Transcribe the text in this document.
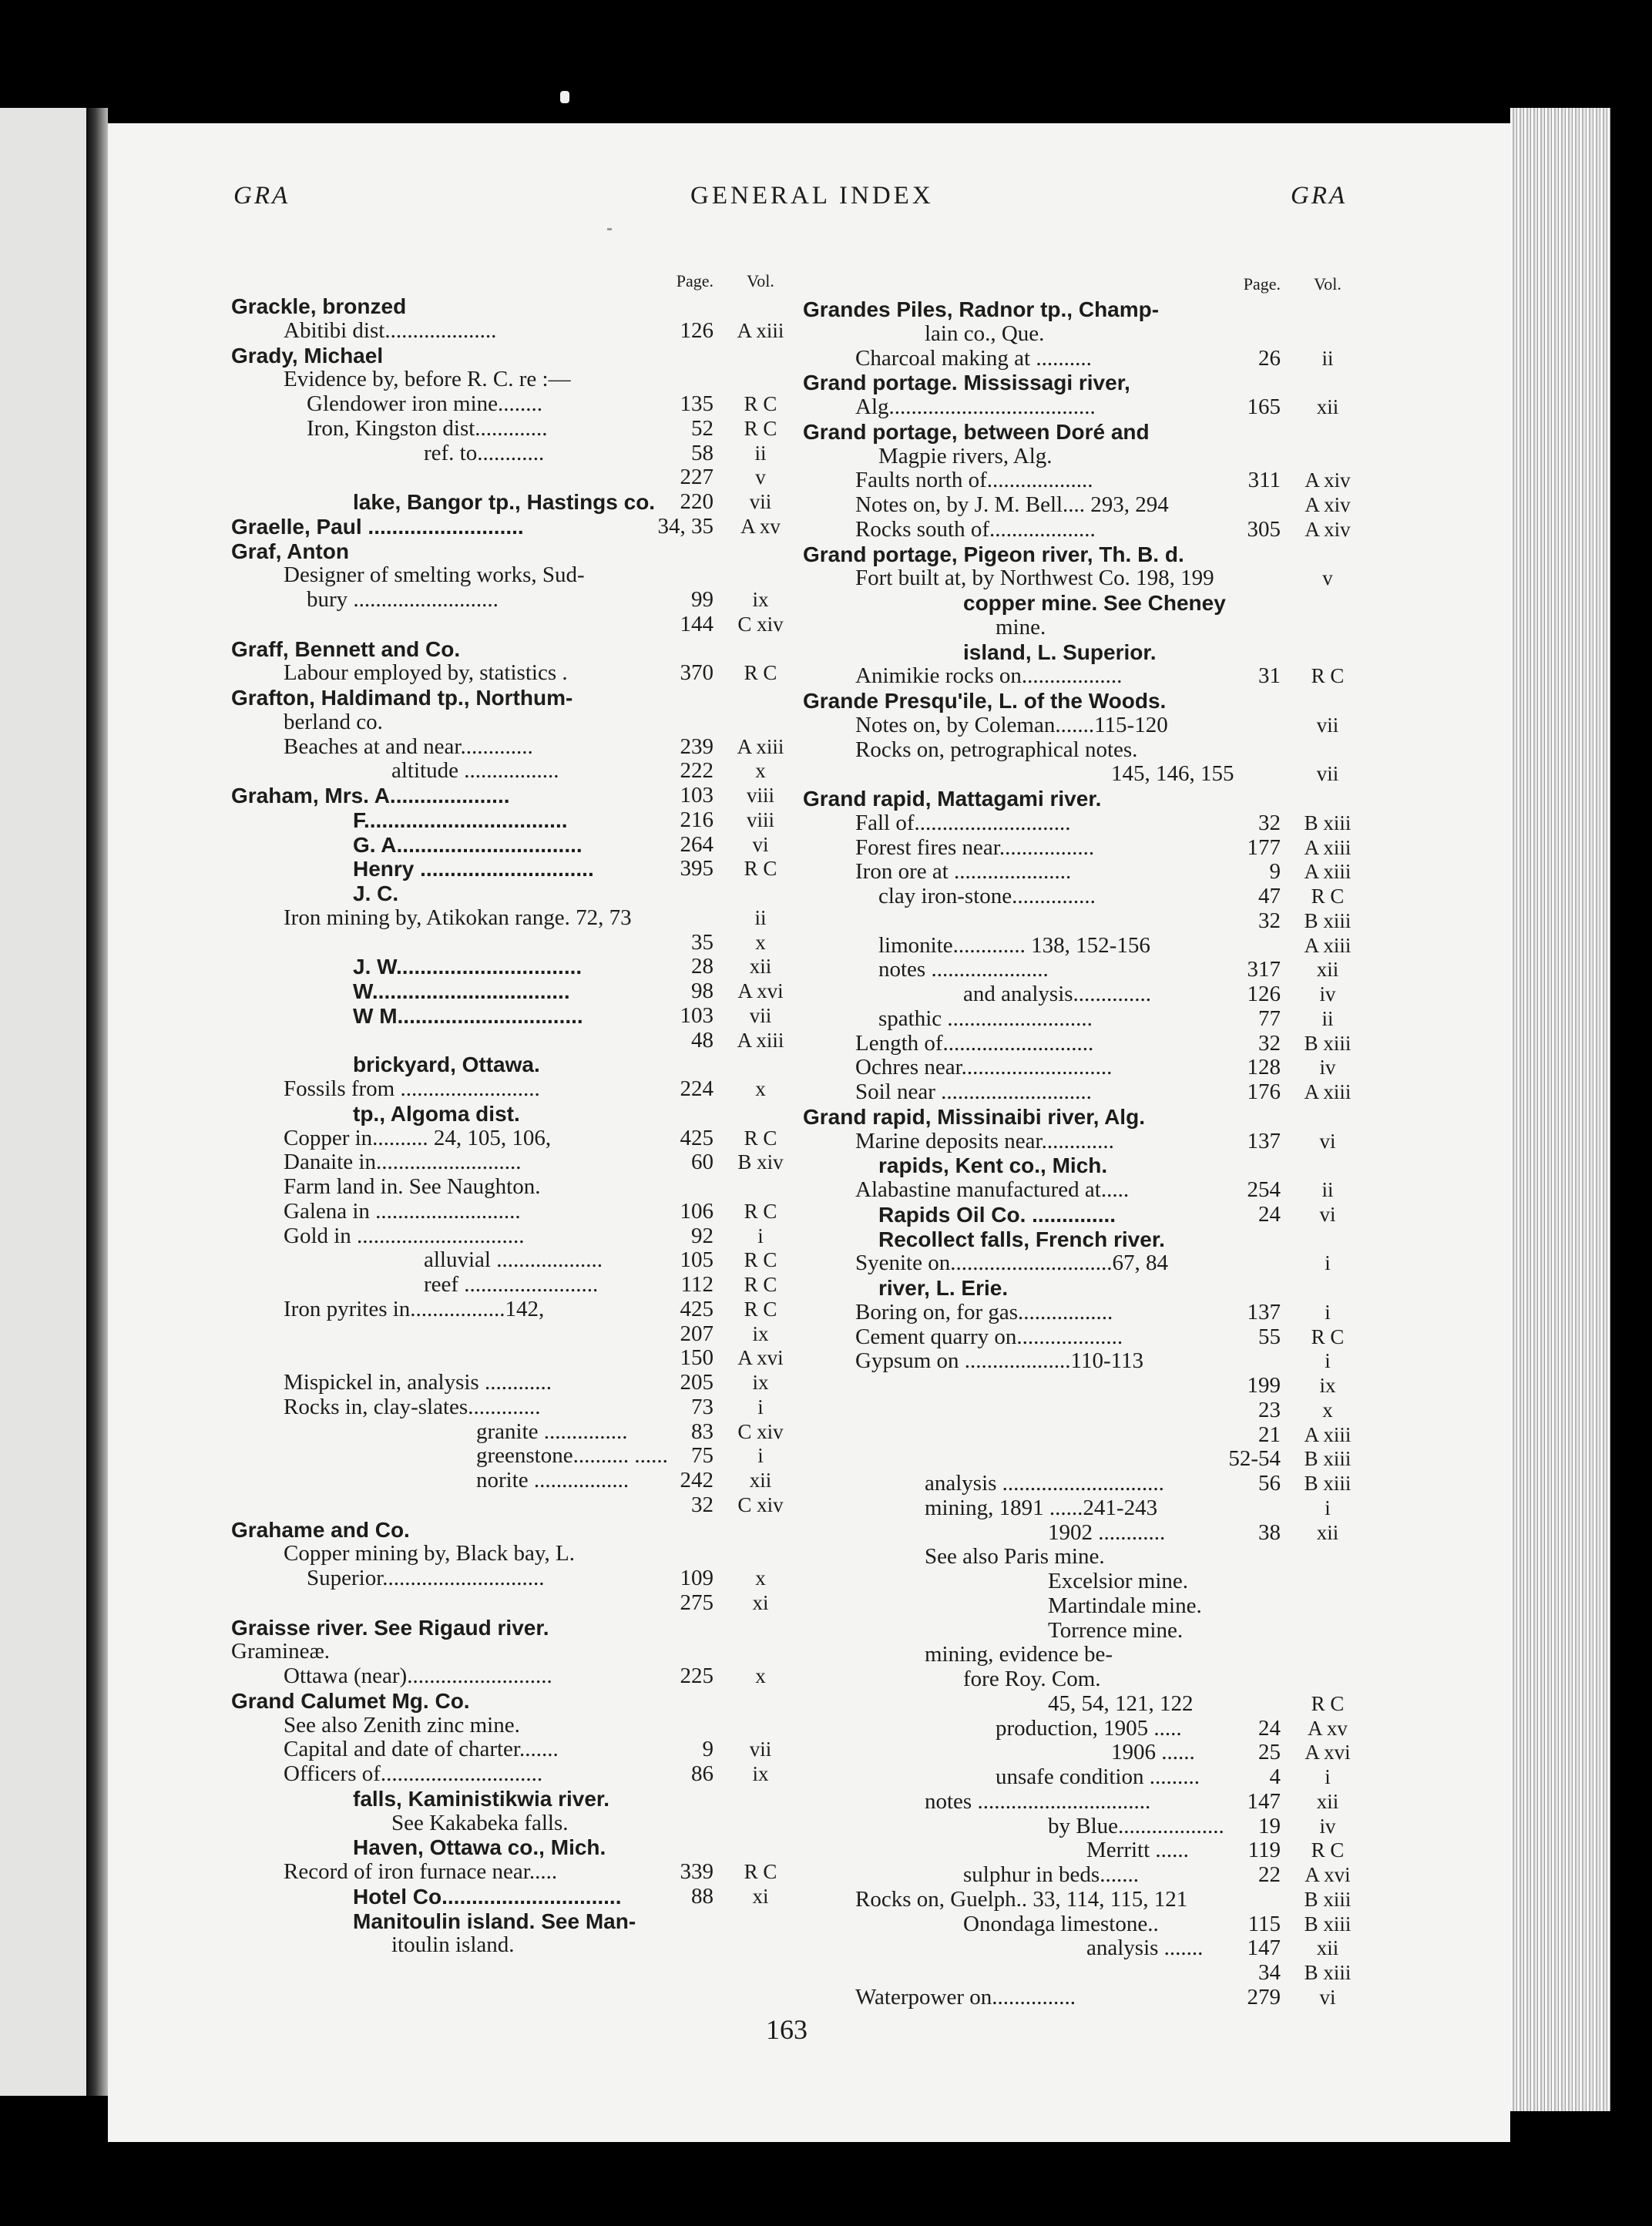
GRA	GENERAL INDEX	GRA
Page.	Vol.
Grackle, bronzed
Abitibi dist....................	126 A xiii
Grady, Michael
Evidence by, before R. C. re :—
Glendower iron mine........	135	R C
Iron, Kingston dist.............	52	R C
ref. to............	58	ii
227	v
lake, Bangor tp., Hastings co. 220	vii
Graelle, Paul ..........................	34, 35	A xv
Graf, Anton
Designer of smelting works, Sud-
bury ..........................	99	ix
144 C xiv
Graff, Bennett and Co.
Labour employed by, statistics .	370	R C
Grafton, Haldimand tp., Northum-
berland co.
Beaches at and near.............	239 A xiii
altitude .................	222	x
Graham, Mrs. A....................	103	viii
F..................................	216	viii
G. A...............................	264	vi
Henry .............................	395	R C
J. C.
Iron mining by, Atikokan range. 72, 73	ii
35	x
J. W...............................	28	xii
W.................................	98 A xvi
W M...............................	103	vii
48 A xiii
brickyard, Ottawa.
Fossils from .........................	224	x
tp., Algoma dist.
Copper in.......... 24, 105, 106,	425	R C
Danaite in..........................	60 B xiv
Farm land in. See Naughton.
Galena in ..........................	106	R C
Gold in ..............................	92	i
alluvial ...................	105	R C
reef ........................	112	R C
Iron pyrites in.................142,	425	R C
207	ix
150 A xvi
Mispickel in, analysis ............	205	ix
Rocks in, clay-slates.............	73	i
granite ...............	83 C xiv
greenstone.......... ...... 75	i
norite ................. 242	xii
32 C xiv
Grahame and Co.
Copper mining by, Black bay, L.
Superior.............................	109	x
275	xi
Graisse river. See Rigaud river.
Gramineæ.
Ottawa (near)..........................	225	x
Grand Calumet Mg. Co.
See also Zenith zinc mine.
Capital and date of charter.......	9	vii
Officers of.............................	86	ix
falls, Kaministikwia river.
See Kakabeka falls.
Haven, Ottawa co., Mich.
Record of iron furnace near.....	339	R C
Hotel Co..............................	88	xi
Manitoulin island. See Man-
itoulin island.
Page.	Vol.
Grandes Piles, Radnor tp., Champ-
lain co., Que.
Charcoal making at ..........	26	ii
Grand portage. Mississagi river,
Alg.....................................	165	xii
Grand portage, between Doré and
Magpie rivers, Alg.
Faults north of...................	311 A xiv
Notes on, by J. M. Bell.... 293, 294	A xiv
Rocks south of...................	305 A xiv
Grand portage, Pigeon river, Th. B. d.
Fort built at, by Northwest Co. 198, 199	v
copper mine. See Cheney
mine.
island, L. Superior.
Animikie rocks on..................	31	R C
Grande Presqu'ile, L. of the Woods.
Notes on, by Coleman.......115-120	vii
Rocks on, petrographical notes.
145, 146, 155	vii
Grand rapid, Mattagami river.
Fall of............................	32 B xiii
Forest fires near.................	177 A xiii
Iron ore at .....................	9 A xiii
clay iron-stone...............	47	R C
32 B xiii
limonite............. 138, 152-156	A xiii
notes .....................	317	xii
and analysis..............	126	iv
spathic ..........................	77	ii
Length of...........................	32 B xiii
Ochres near...........................	128	iv
Soil near ...........................	176 A xiii
Grand rapid, Missinaibi river, Alg.
Marine deposits near.............	137	vi
rapids, Kent co., Mich.
Alabastine manufactured at.....	254	ii
Rapids Oil Co. ..............	24	vi
Recollect falls, French river.
Syenite on.............................67, 84	i
river, L. Erie.
Boring on, for gas.................	137	i
Cement quarry on...................	55	R C
Gypsum on ...................110-113	i
199	ix
23	x
21 A xiii
52-54 B xiii
analysis .............................	56 B xiii
mining, 1891 ......241-243	i
1902 ............	38	xii
See also Paris mine.
Excelsior mine.
Martindale mine.
Torrence mine.
mining, evidence be-
fore Roy. Com.
45, 54, 121, 122	R C
production, 1905 .....	24	A xv
1906 ......	25 A xvi
unsafe condition .........	4	i
notes ...............................	147	xii
by Blue................... 19	iv
Merritt ......	119	R C
sulphur in beds.......	22 A xvi
Rocks on, Guelph.. 33, 114, 115, 121	B xiii
Onondaga limestone..	115 B xiii
analysis ....... 147	xii
34 B xiii
Waterpower on...............	279	vi
163
